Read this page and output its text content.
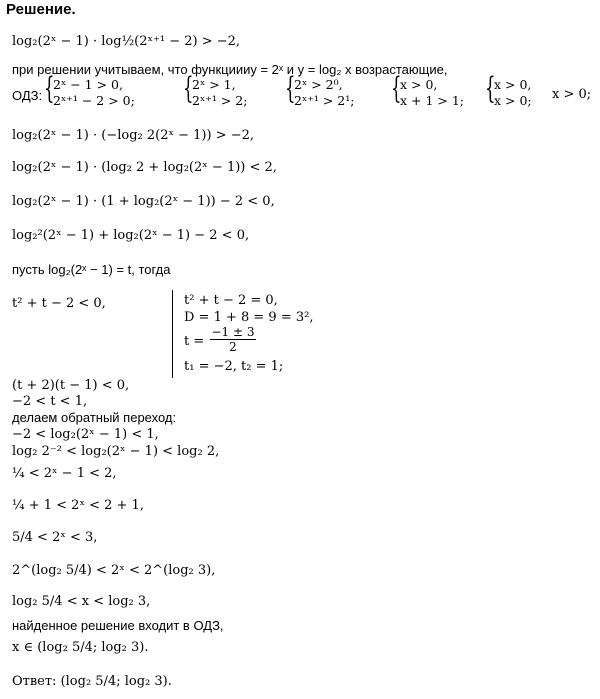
Решение.
log₂(2ˣ − 1) · log½(2ˣ⁺¹ − 2) > −2,
при решении учитываем, что функциииу = 2ˣ и y = log₂ x возрастающие,
ОДЗ: {
2ˣ − 1 > 0,
2ˣ⁺¹ − 2 > 0; {
2ˣ > 1,
2ˣ⁺¹ > 2; {
2ˣ > 2⁰,
2ˣ⁺¹ > 2¹; {
x > 0,
x + 1 > 1; {
x > 0,
x > 0; x > 0;
log₂(2ˣ − 1) · (−log₂ 2(2ˣ − 1)) > −2,
log₂(2ˣ − 1) · (log₂ 2 + log₂(2ˣ − 1)) < 2,
log₂(2ˣ − 1) · (1 + log₂(2ˣ − 1)) − 2 < 0,
log₂²(2ˣ − 1) + log₂(2ˣ − 1) − 2 < 0,
пусть log₂(2ˣ − 1) = t, тогда
t² + t − 2 < 0,	t² + t − 2 = 0,
D = 1 + 8 = 9 = 3²,
t =
−1 ± 3
2
t₁ = −2, t₂ = 1;
(t + 2)(t − 1) < 0,
−2 < t < 1,
делаем обратный переход:
−2 < log₂(2ˣ − 1) < 1,
log₂ 2⁻² < log₂(2ˣ − 1) < log₂ 2,
¼ < 2ˣ − 1 < 2,
¼ + 1 < 2ˣ < 2 + 1,
5/4 < 2ˣ < 3,
2^(log₂ 5/4) < 2ˣ < 2^(log₂ 3),
log₂ 5/4 < x < log₂ 3,
найденное решение входит в ОДЗ,
x ∈ (log₂ 5/4; log₂ 3).
Ответ: (log₂ 5/4; log₂ 3).
